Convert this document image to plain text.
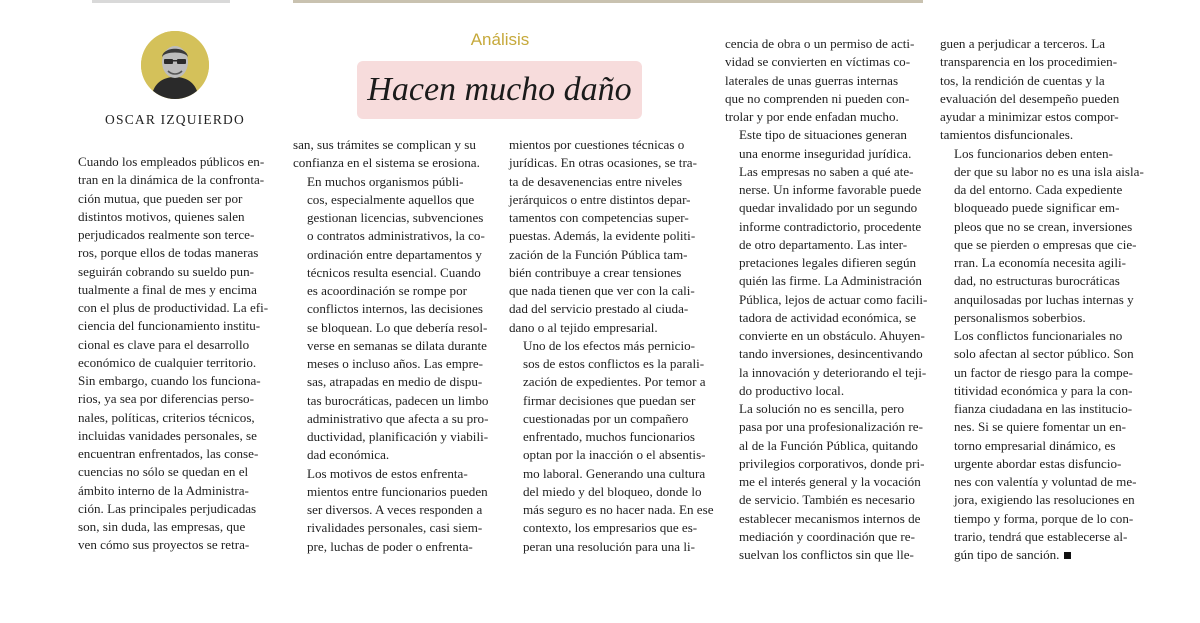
OSCAR IZQUIERDO
Análisis
Hacen mucho daño

Cuando los empleados públicos en-
tran en la dinámica de la confronta-
ción mutua, que pueden ser por
distintos motivos, quienes salen
perjudicados realmente son terce-
ros, porque ellos de todas maneras
seguirán cobrando su sueldo pun-
tualmente a final de mes y encima
con el plus de productividad. La efi-
ciencia del funcionamiento institu-
cional es clave para el desarrollo
económico de cualquier territorio.
Sin embargo, cuando los funciona-
rios, ya sea por diferencias perso-
nales, políticas, criterios técnicos,
incluidas vanidades personales, se
encuentran enfrentados, las conse-
cuencias no sólo se quedan en el
ámbito interno de la Administra-
ción. Las principales perjudicadas
son, sin duda, las empresas, que
ven cómo sus proyectos se retra-

san, sus trámites se complican y su
confianza en el sistema se erosiona.

En muchos organismos públi-
cos, especialmente aquellos que
gestionan licencias, subvenciones
o contratos administrativos, la co-
ordinación entre departamentos y
técnicos resulta esencial. Cuando
es acoordinación se rompe por
conflictos internos, las decisiones
se bloquean. Lo que debería resol-
verse en semanas se dilata durante
meses o incluso años. Las empre-
sas, atrapadas en medio de dispu-
tas burocráticas, padecen un limbo
administrativo que afecta a su pro-
ductividad, planificación y viabili-
dad económica.

Los motivos de estos enfrenta-
mientos entre funcionarios pueden
ser diversos. A veces responden a
rivalidades personales, casi siem-
pre, luchas de poder o enfrenta-

mientos por cuestiones técnicas o
jurídicas. En otras ocasiones, se tra-
ta de desavenencias entre niveles
jerárquicos o entre distintos depar-
tamentos con competencias super-
puestas. Además, la evidente politi-
zación de la Función Pública tam-
bién contribuye a crear tensiones
que nada tienen que ver con la cali-
dad del servicio prestado al ciuda-
dano o al tejido empresarial.

Uno de los efectos más pernicio-
sos de estos conflictos es la parali-
zación de expedientes. Por temor a
firmar decisiones que puedan ser
cuestionadas por un compañero
enfrentado, muchos funcionarios
optan por la inacción o el absentis-
mo laboral. Generando una cultura
del miedo y del bloqueo, donde lo
más seguro es no hacer nada. En ese
contexto, los empresarios que es-
peran una resolución para una li-

cencia de obra o un permiso de acti-
vidad se convierten en víctimas co-
laterales de unas guerras internas
que no comprenden ni pueden con-
trolar y por ende enfadan mucho.

Este tipo de situaciones generan
una enorme inseguridad jurídica.
Las empresas no saben a qué ate-
nerse. Un informe favorable puede
quedar invalidado por un segundo
informe contradictorio, procedente
de otro departamento. Las inter-
pretaciones legales difieren según
quién las firme. La Administración
Pública, lejos de actuar como facili-
tadora de actividad económica, se
convierte en un obstáculo. Ahuyen-
tando inversiones, desincentivando
la innovación y deteriorando el teji-
do productivo local.

La solución no es sencilla, pero
pasa por una profesionalización re-
al de la Función Pública, quitando
privilegios corporativos, donde pri-
me el interés general y la vocación
de servicio. También es necesario
establecer mecanismos internos de
mediación y coordinación que re-
suelvan los conflictos sin que lle-

guen a perjudicar a terceros. La
transparencia en los procedimien-
tos, la rendición de cuentas y la
evaluación del desempeño pueden
ayudar a minimizar estos compor-
tamientos disfuncionales.

Los funcionarios deben enten-
der que su labor no es una isla aisla-
da del entorno. Cada expediente
bloqueado puede significar em-
pleos que no se crean, inversiones
que se pierden o empresas que cie-
rran. La economía necesita agili-
dad, no estructuras burocráticas
anquilosadas por luchas internas y
personalismos soberbios.

Los conflictos funcionariales no
solo afectan al sector público. Son
un factor de riesgo para la compe-
titividad económica y para la con-
fianza ciudadana en las institucio-
nes. Si se quiere fomentar un en-
torno empresarial dinámico, es
urgente abordar estas disfuncio-
nes con valentía y voluntad de me-
jora, exigiendo las resoluciones en
tiempo y forma, porque de lo con-
trario, tendrá que establecerse al-
gún tipo de sanción.
